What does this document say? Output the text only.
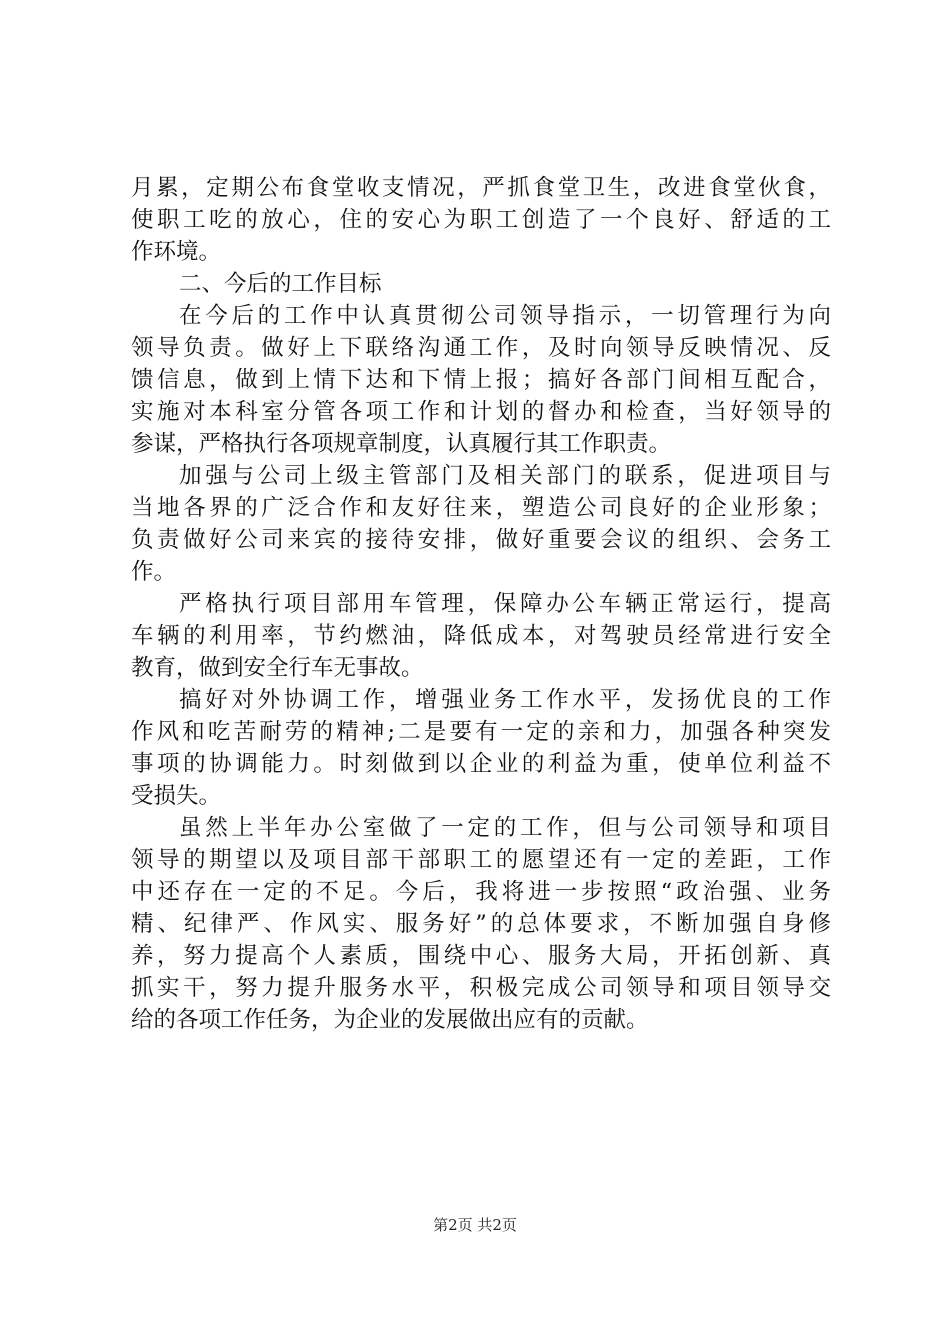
月累，定期公布食堂收支情况，严抓食堂卫生，改进食堂伙食，
使职工吃的放心，住的安心为职工创造了一个良好、舒适的工
作环境。
二、今后的工作目标
在今后的工作中认真贯彻公司领导指示，一切管理行为向
领导负责。做好上下联络沟通工作，及时向领导反映情况、反
馈信息，做到上情下达和下情上报；搞好各部门间相互配合，
实施对本科室分管各项工作和计划的督办和检查，当好领导的
参谋，严格执行各项规章制度，认真履行其工作职责。
加强与公司上级主管部门及相关部门的联系，促进项目与
当地各界的广泛合作和友好往来，塑造公司良好的企业形象；
负责做好公司来宾的接待安排，做好重要会议的组织、会务工
作。
严格执行项目部用车管理，保障办公车辆正常运行，提高
车辆的利用率，节约燃油，降低成本，对驾驶员经常进行安全
教育，做到安全行车无事故。
搞好对外协调工作，增强业务工作水平，发扬优良的工作
作风和吃苦耐劳的精神;二是要有一定的亲和力，加强各种突发
事项的协调能力。时刻做到以企业的利益为重，使单位利益不
受损失。
虽然上半年办公室做了一定的工作，但与公司领导和项目
领导的期望以及项目部干部职工的愿望还有一定的差距，工作
中还存在一定的不足。今后，我将进一步按照“政治强、业务
精、纪律严、作风实、服务好”的总体要求，不断加强自身修
养，努力提高个人素质，围绕中心、服务大局，开拓创新、真
抓实干，努力提升服务水平，积极完成公司领导和项目领导交
给的各项工作任务，为企业的发展做出应有的贡献。
第2页 共2页
